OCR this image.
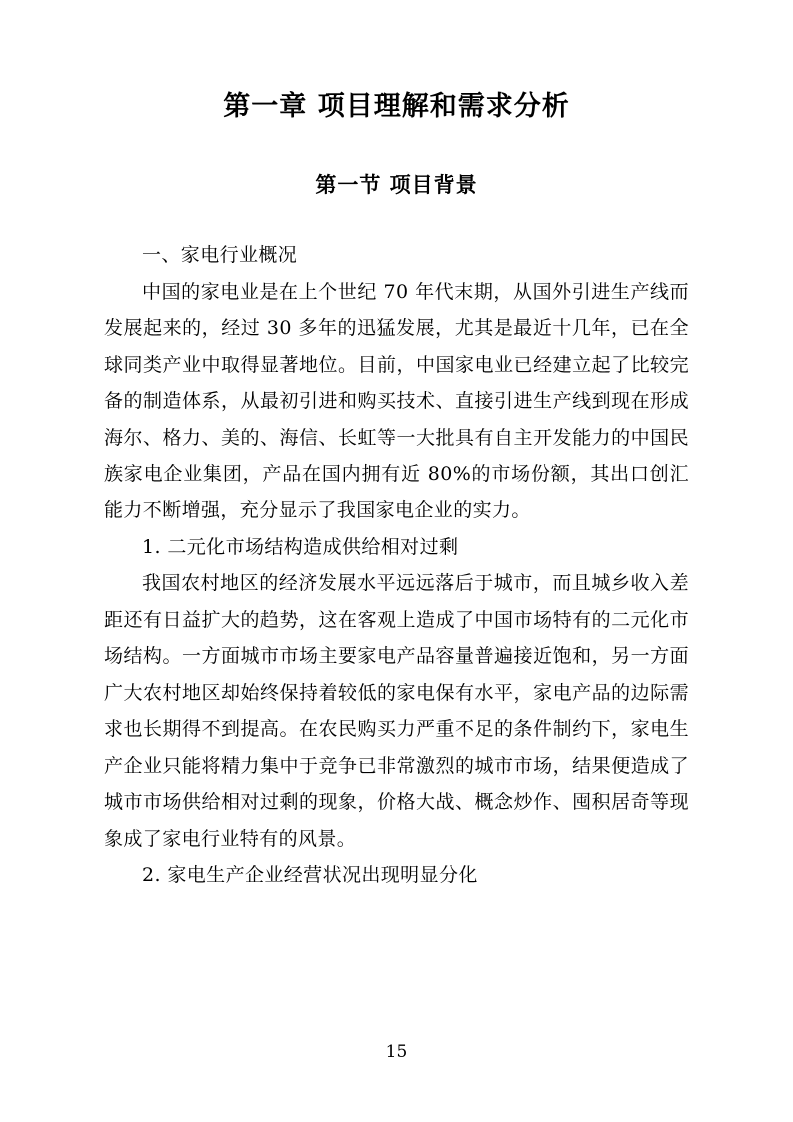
第一章 项目理解和需求分析
第一节 项目背景

一、家电行业概况

中国的家电业是在上个世纪 70 年代末期，从国外引进生产线而发展起来的，经过 30 多年的迅猛发展，尤其是最近十几年，已在全球同类产业中取得显著地位。目前，中国家电业已经建立起了比较完备的制造体系，从最初引进和购买技术、直接引进生产线到现在形成海尔、格力、美的、海信、长虹等一大批具有自主开发能力的中国民族家电企业集团，产品在国内拥有近 80%的市场份额，其出口创汇能力不断增强，充分显示了我国家电企业的实力。

1. 二元化市场结构造成供给相对过剩

我国农村地区的经济发展水平远远落后于城市，而且城乡收入差距还有日益扩大的趋势，这在客观上造成了中国市场特有的二元化市场结构。一方面城市市场主要家电产品容量普遍接近饱和，另一方面广大农村地区却始终保持着较低的家电保有水平，家电产品的边际需求也长期得不到提高。在农民购买力严重不足的条件制约下，家电生产企业只能将精力集中于竞争已非常激烈的城市市场，结果便造成了城市市场供给相对过剩的现象，价格大战、概念炒作、囤积居奇等现象成了家电行业特有的风景。

2. 家电生产企业经营状况出现明显分化

15
